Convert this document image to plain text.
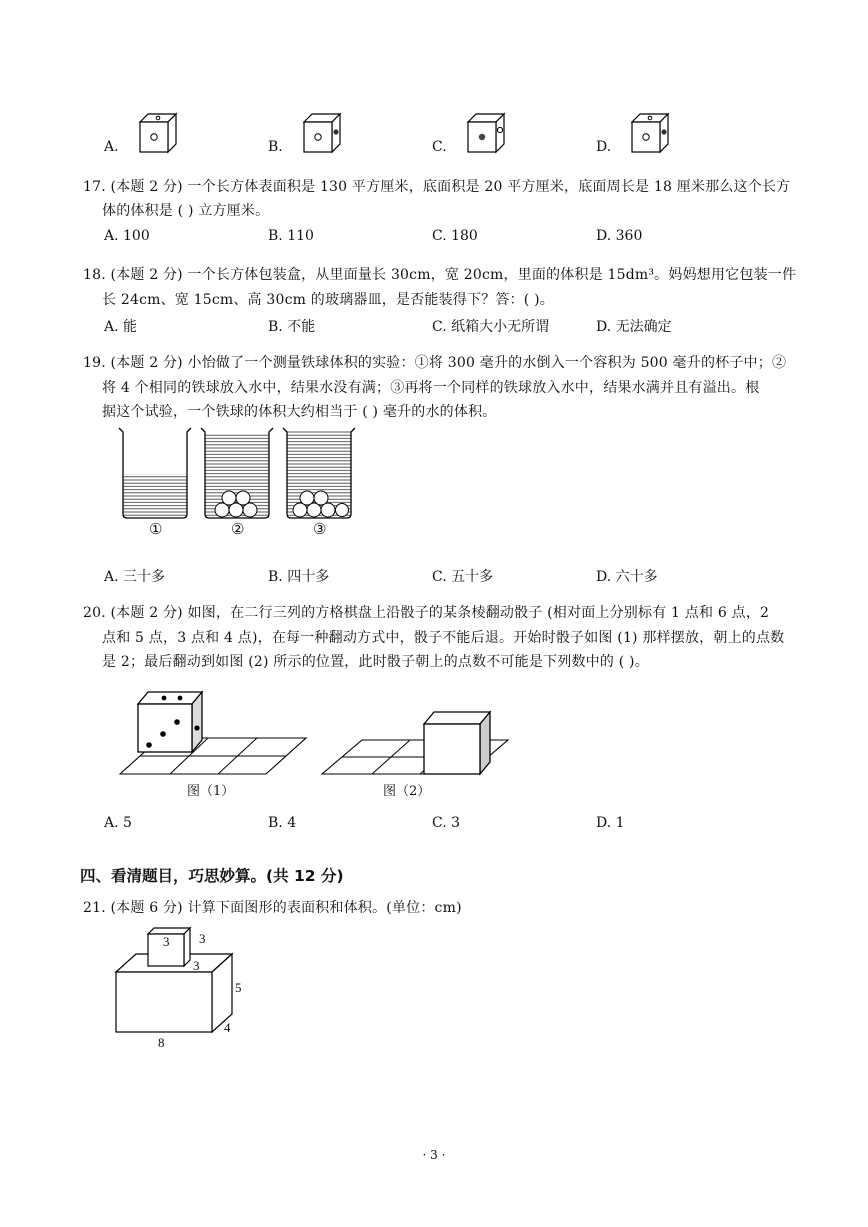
A.	B.	C.	D.
17. (本题 2 分) 一个长方体表面积是 130 平方厘米，底面积是 20 平方厘米，底面周长是 18 厘米那么这个长方
体的体积是 ( ) 立方厘米。
A. 100	B. 110	C. 180	D. 360
18. (本题 2 分) 一个长方体包装盒，从里面量长 30cm，宽 20cm，里面的体积是 15dm³。妈妈想用它包装一件
长 24cm、宽 15cm、高 30cm 的玻璃器皿，是否能装得下？答：( )。
A. 能	B. 不能	C. 纸箱大小无所谓	D. 无法确定
19. (本题 2 分) 小怡做了一个测量铁球体积的实验：①将 300 毫升的水倒入一个容积为 500 毫升的杯子中；②
将 4 个相同的铁球放入水中，结果水没有满；③再将一个同样的铁球放入水中，结果水满并且有溢出。根
据这个试验，一个铁球的体积大约相当于 ( ) 毫升的水的体积。
①	②	③
A. 三十多	B. 四十多	C. 五十多	D. 六十多
20. (本题 2 分) 如图，在二行三列的方格棋盘上沿骰子的某条棱翻动骰子 (相对面上分别标有 1 点和 6 点，2
点和 5 点，3 点和 4 点)，在每一种翻动方式中，骰子不能后退。开始时骰子如图 (1) 那样摆放，朝上的点数
是 2；最后翻动到如图 (2) 所示的位置，此时骰子朝上的点数不可能是下列数中的 ( )。
图（1）	图（2）
A. 5	B. 4	C. 3	D. 1
四、看清题目，巧思妙算。(共 12 分)
21. (本题 6 分) 计算下面图形的表面积和体积。(单位：cm)
3 3
3
5
4
8
· 3 ·
